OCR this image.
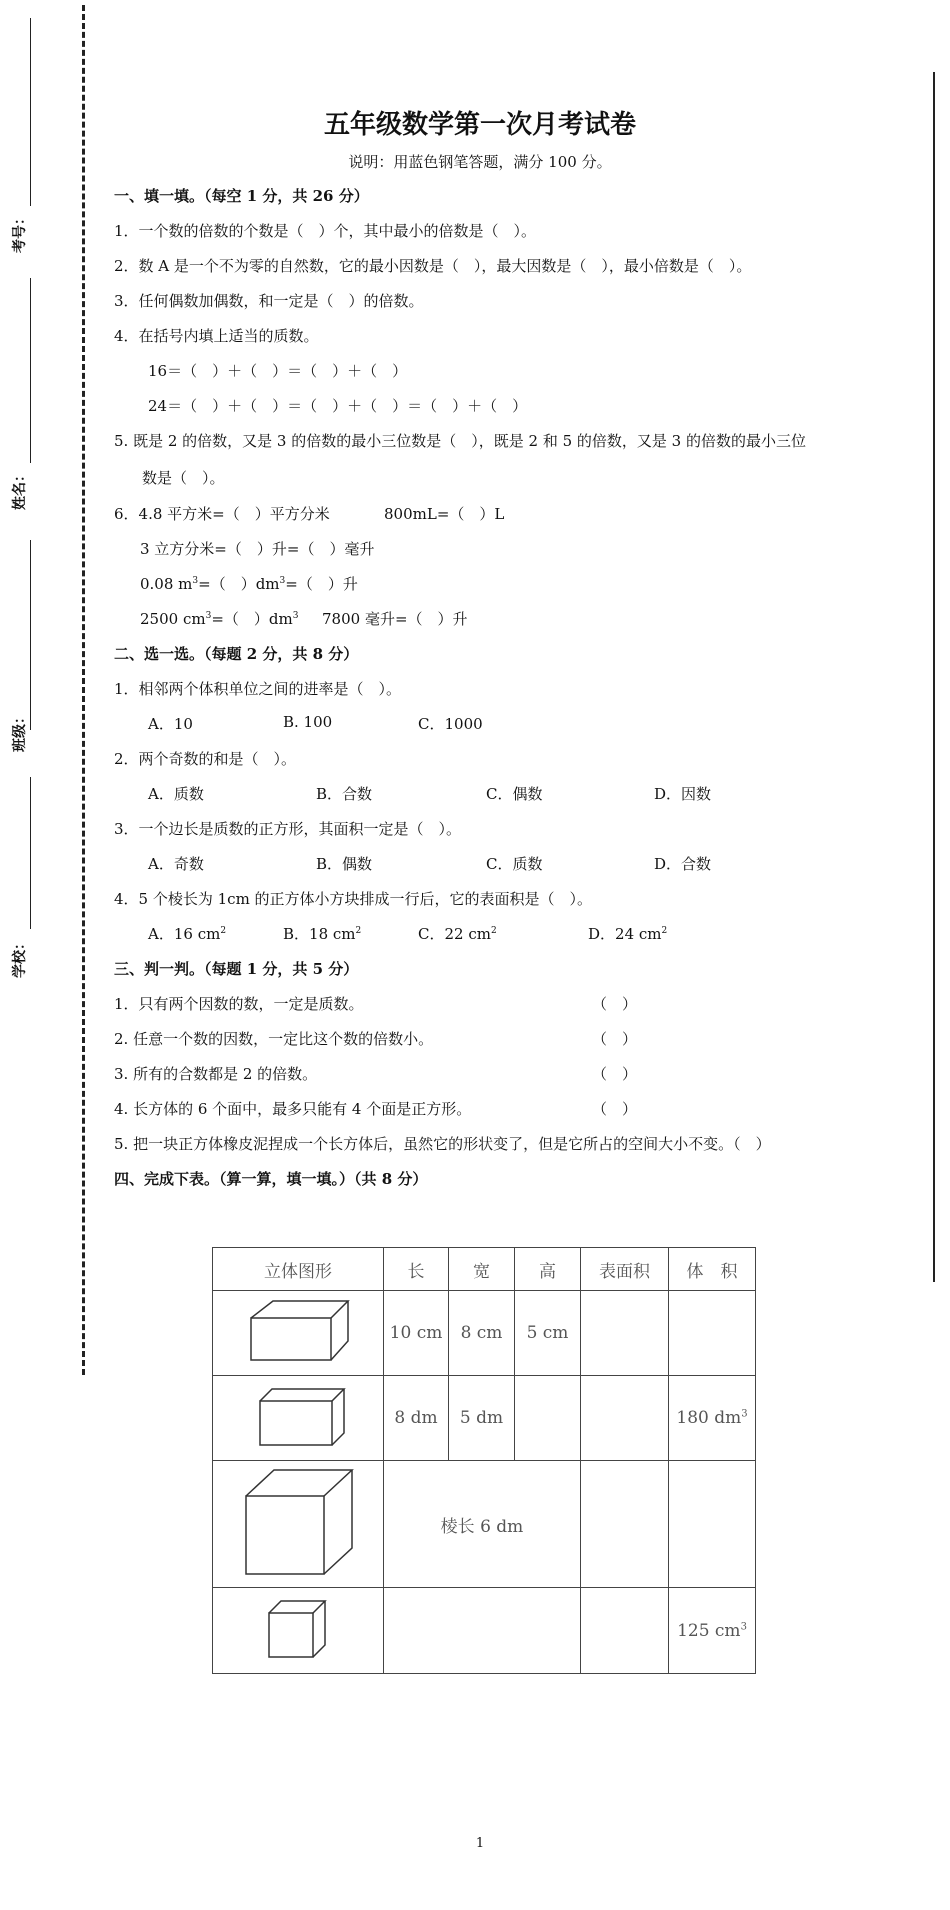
考号：
姓名：
班级：
学校：
五年级数学第一次月考试卷
说明：用蓝色钢笔答题，满分 100 分。
一、填一填。（每空 1 分，共 26 分）
1．一个数的倍数的个数是（　）个，其中最小的倍数是（　）。
2．数 A 是一个不为零的自然数，它的最小因数是（　），最大因数是（　），最小倍数是（　）。
3．任何偶数加偶数，和一定是（　）的倍数。
4．在括号内填上适当的质数。
16＝（　）＋（　）＝（　）＋（　）
24＝（　）＋（　）＝（　）＋（　）＝（　）＋（　）
5. 既是 2 的倍数，又是 3 的倍数的最小三位数是（　），既是 2 和 5 的倍数，又是 3 的倍数的最小三位
数是（　）。
6．4.8 平方米=（　）平方分米	800mL=（　）L
3 立方分米=（　）升=（　）毫升
0.08 $m^3=$（　）$dm^3=$（　）升
2500 $cm^3=$（　）$dm^3$ 7800 毫升=（　）升
二、选一选。（每题 2 分，共 8 分）
1．相邻两个体积单位之间的进率是（　）。
A．10	B. 100	C．1000
2．两个奇数的和是（　）。
A．质数	B．合数	C．偶数	D．因数
3．一个边长是质数的正方形，其面积一定是（　）。
A．奇数	B．偶数	C．质数	D．合数
4．5 个棱长为 1cm 的正方体小方块排成一行后，它的表面积是（　）。
A．16 $cm^2$	B．18 $cm^2$	C．22 $cm^2$	D．24 $cm^2$
三、判一判。（每题 1 分，共 5 分）
1．只有两个因数的数，一定是质数。	（　）
2. 任意一个数的因数，一定比这个数的倍数小。	（　）
3. 所有的合数都是 2 的倍数。	（　）
4. 长方体的 6 个面中，最多只能有 4 个面是正方形。	（　）
5. 把一块正方体橡皮泥捏成一个长方体后，虽然它的形状变了，但是它所占的空间大小不变。（　）
四、完成下表。（算一算，填一填。）（共 8 分）
立体图形	长	宽	高	表面积	体　积
	10 cm	8 cm	5 cm		
	8 dm	5 dm			180 $dm^3$
	棱长 6 dm				
			125 $cm^3$
1
